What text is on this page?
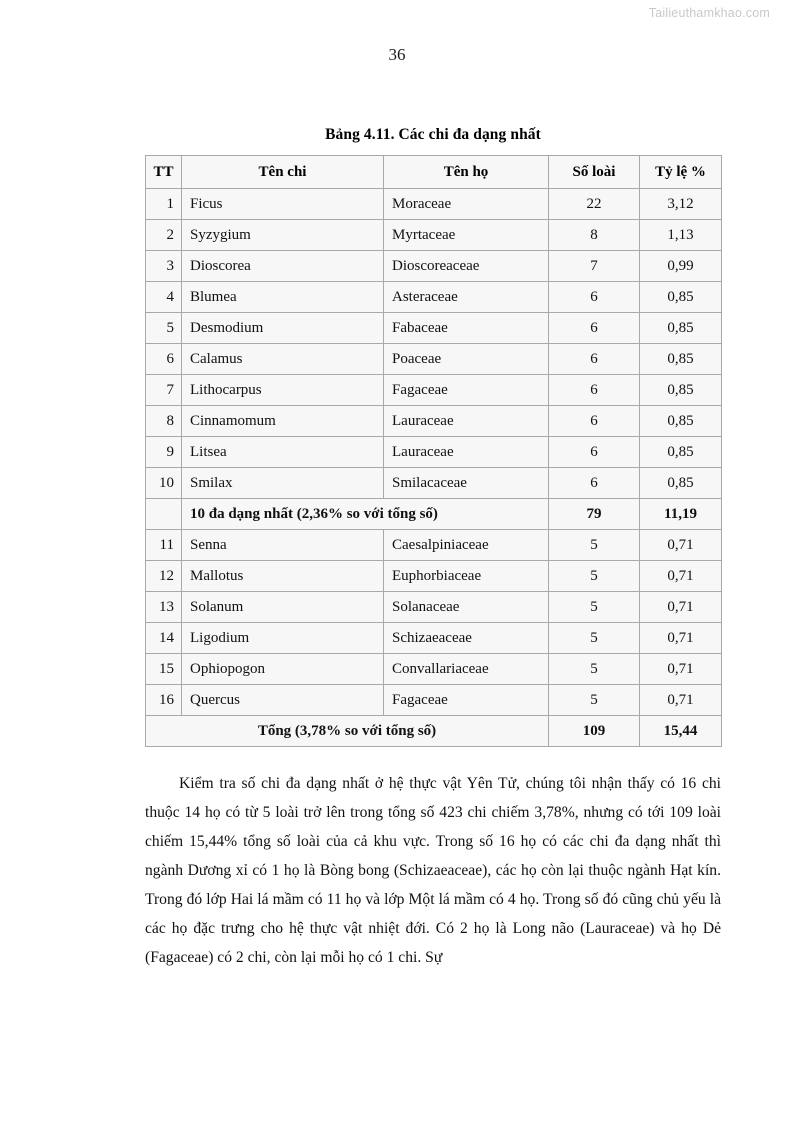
Tailieuthamkhao.com
36
Bảng 4.11. Các chi đa dạng nhất
TT	Tên chi	Tên họ	Số loài	Tỷ lệ %

1	Ficus	Moraceae	22	3,12

2	Syzygium	Myrtaceae	8	1,13

3	Dioscorea	Dioscoreaceae	7	0,99

4	Blumea	Asteraceae	6	0,85

5	Desmodium	Fabaceae	6	0,85

6	Calamus	Poaceae	6	0,85

7	Lithocarpus	Fagaceae	6	0,85

8	Cinnamomum	Lauraceae	6	0,85

9	Litsea	Lauraceae	6	0,85

10	Smilax	Smilacaceae	6	0,85

	10 đa dạng nhất (2,36% so với tổng số)		79	11,19

11	Senna	Caesalpiniaceae	5	0,71

12	Mallotus	Euphorbiaceae	5	0,71

13	Solanum	Solanaceae	5	0,71

14	Ligodium	Schizaeaceae	5	0,71

15	Ophiopogon	Convallariaceae	5	0,71

16	Quercus	Fagaceae	5	0,71

Tổng (3,78% so với tổng số)			109	15,44

Kiểm tra số chi đa dạng nhất ở hệ thực vật Yên Tử, chúng tôi nhận thấy có 16 chi thuộc 14 họ có từ 5 loài trở lên trong tổng số 423 chi chiếm 3,78%, nhưng có tới 109 loài chiếm 15,44% tổng số loài của cả khu vực. Trong số 16 họ có các chi đa dạng nhất thì ngành Dương xỉ có 1 họ là Bòng bong (Schizaeaceae), các họ còn lại thuộc ngành Hạt kín. Trong đó lớp Hai lá mầm có 11 họ và lớp Một lá mầm có 4 họ. Trong số đó cũng chủ yếu là các họ đặc trưng cho hệ thực vật nhiệt đới. Có 2 họ là Long não (Lauraceae) và họ Dẻ (Fagaceae) có 2 chi, còn lại mỗi họ có 1 chi. Sự
